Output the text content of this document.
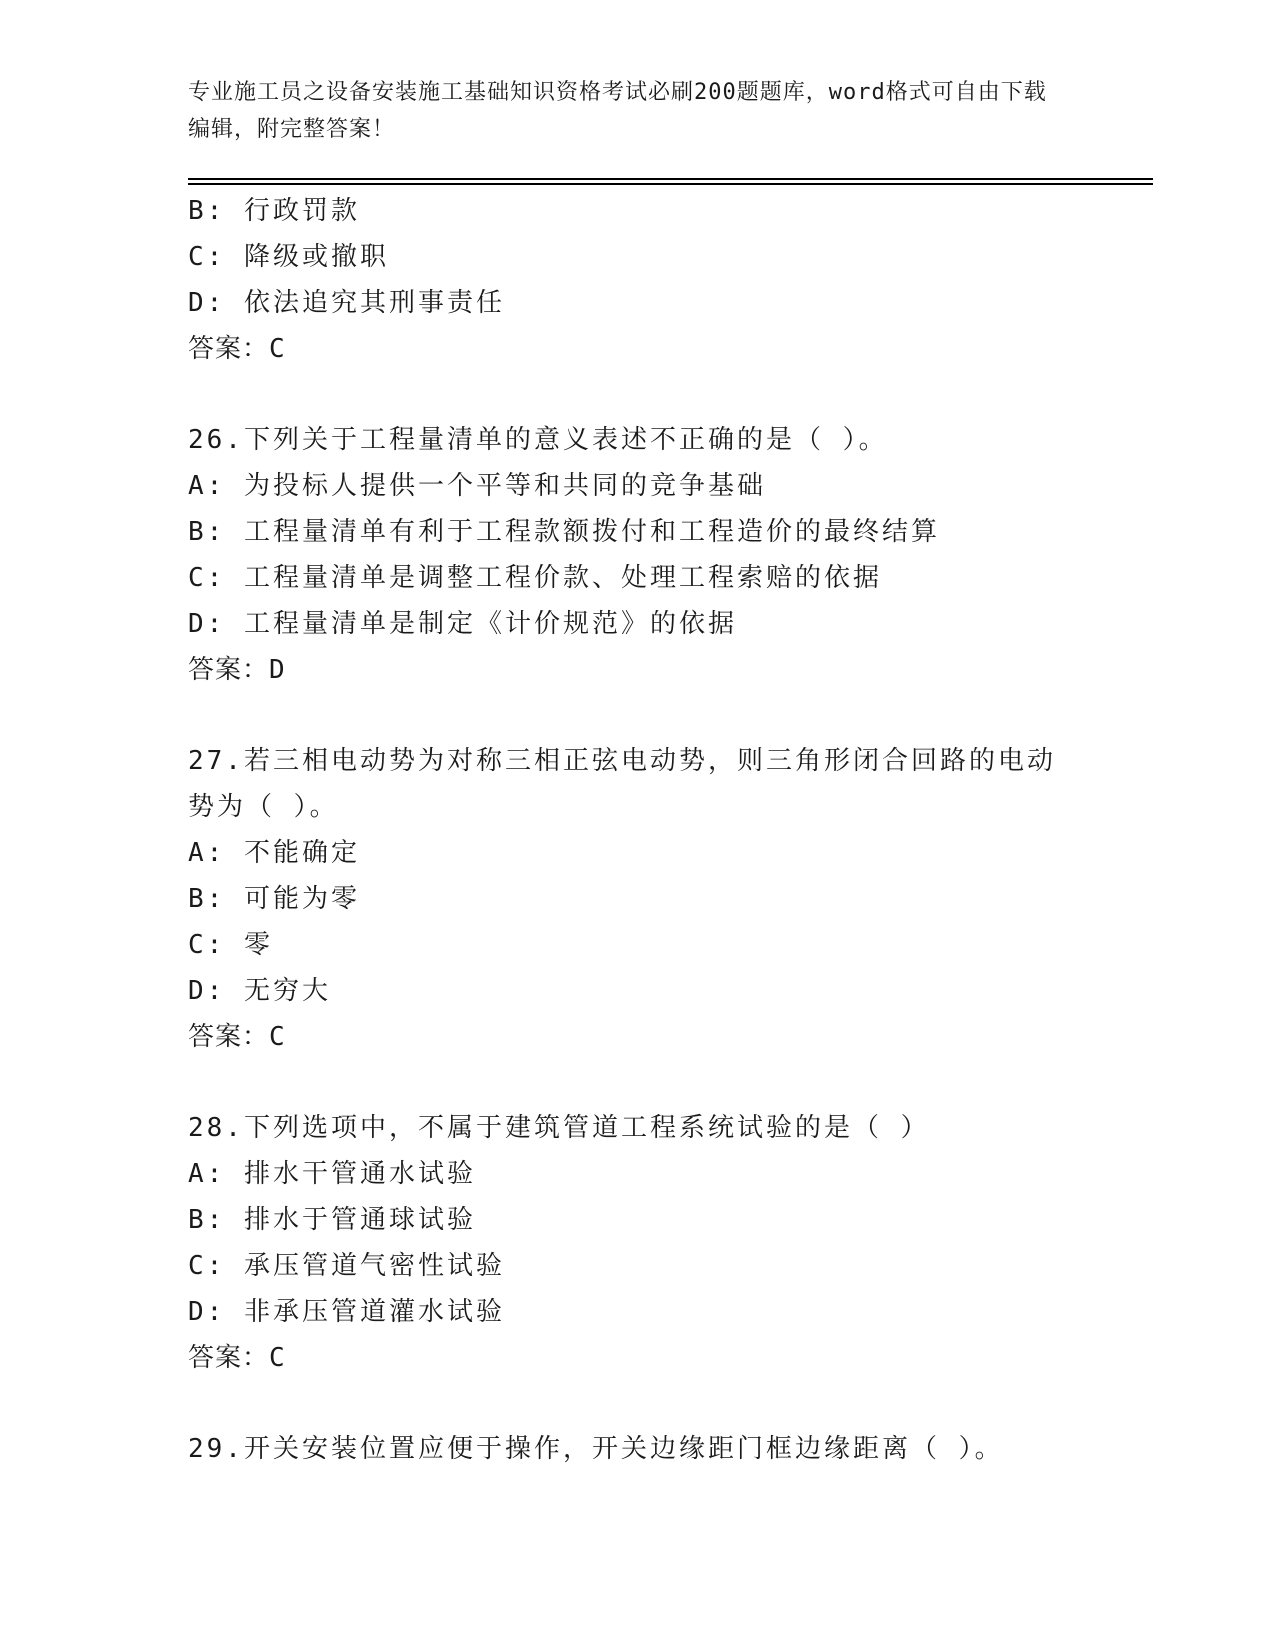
专业施工员之设备安装施工基础知识资格考试必刷200题题库，word格式可自由下载编辑，附完整答案！
B: 行政罚款
C: 降级或撤职
D: 依法追究其刑事责任
答案：C
26.下列关于工程量清单的意义表述不正确的是（ ）。
A: 为投标人提供一个平等和共同的竞争基础
B: 工程量清单有利于工程款额拨付和工程造价的最终结算
C: 工程量清单是调整工程价款、处理工程索赔的依据
D: 工程量清单是制定《计价规范》的依据
答案：D
27.若三相电动势为对称三相正弦电动势，则三角形闭合回路的电动势为（ ）。
A: 不能确定
B: 可能为零
C: 零
D: 无穷大
答案：C
28.下列选项中，不属于建筑管道工程系统试验的是（ ）
A: 排水干管通水试验
B: 排水于管通球试验
C: 承压管道气密性试验
D: 非承压管道灌水试验
答案：C
29.开关安装位置应便于操作，开关边缘距门框边缘距离（ ）。
